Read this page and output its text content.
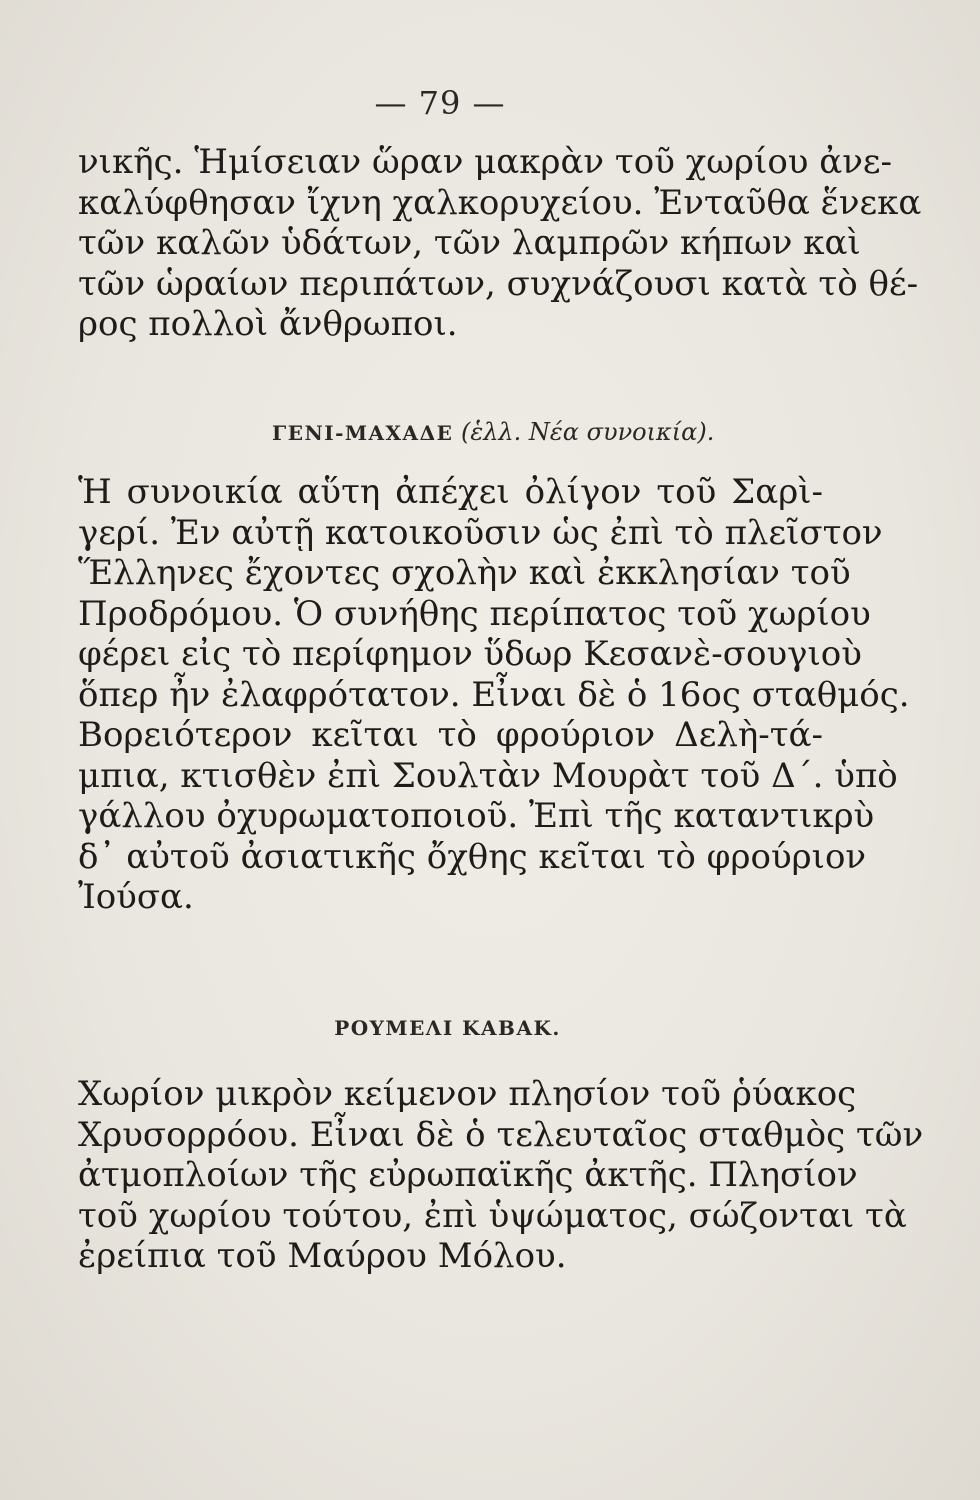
— 79 —
νικῆς. Ἡμίσειαν ὥραν μακρὰν τοῦ χωρίου ἀνε-
καλύφθησαν ἴχνη χαλκορυχείου. Ἐνταῦθα ἕνεκα
τῶν καλῶν ὑδάτων, τῶν λαμπρῶν κήπων καὶ
τῶν ὡραίων περιπάτων, συχνάζουσι κατὰ τὸ θέ-
ρος πολλοὶ ἄνθρωποι.
ΓΕΝΙ-ΜΑΧΑΔΕ (ἑλλ. Νέα συνοικία).
Ἡ συνοικία αὕτη ἀπέχει ὀλίγον τοῦ Σαρὶ-
γερί. Ἐν αὐτῇ κατοικοῦσιν ὡς ἐπὶ τὸ πλεῖστον
Ἕλληνες ἔχοντες σχολὴν καὶ ἐκκλησίαν τοῦ
Προδρόμου. Ὁ συνήθης περίπατος τοῦ χωρίου
φέρει εἰς τὸ περίφημον ὕδωρ Κεσανὲ-σουγιοὺ
ὅπερ ἦν ἐλαφρότατον. Εἶναι δὲ ὁ 16ος σταθμός.
Βορειότερον κεῖται τὸ φρούριον Δελὴ-τά-
μπια, κτισθὲν ἐπὶ Σουλτὰν Μουρὰτ τοῦ Δ΄. ὑπὸ
γάλλου ὀχυρωματοποιοῦ. Ἐπὶ τῆς καταντικρὺ
δ᾽ αὐτοῦ ἀσιατικῆς ὄχθης κεῖται τὸ φρούριον
Ἰούσα.
ΡΟΥΜΕΛΙ ΚΑΒΑΚ.
Χωρίον μικρὸν κείμενον πλησίον τοῦ ῥύακος
Χρυσορρόου. Εἶναι δὲ ὁ τελευταῖος σταθμὸς τῶν
ἀτμοπλοίων τῆς εὐρωπαϊκῆς ἀκτῆς. Πλησίον
τοῦ χωρίου τούτου, ἐπὶ ὑψώματος, σώζονται τὰ
ἐρείπια τοῦ Μαύρου Μόλου.
